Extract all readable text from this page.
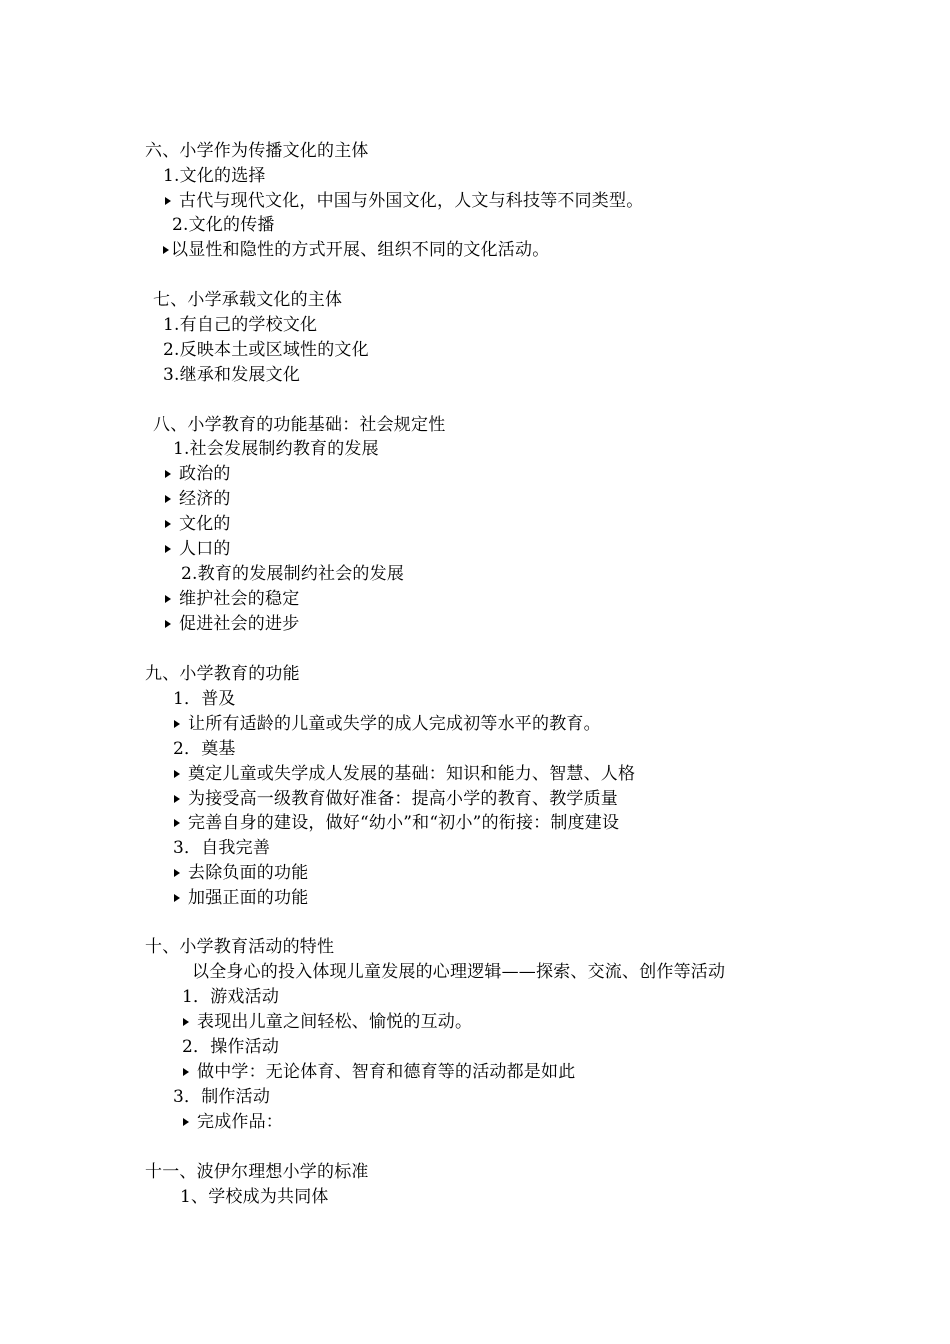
六、小学作为传播文化的主体
1.文化的选择
古代与现代文化，中国与外国文化，人文与科技等不同类型。
2.文化的传播
以显性和隐性的方式开展、组织不同的文化活动。
七、小学承载文化的主体
1.有自己的学校文化
2.反映本土或区域性的文化
3.继承和发展文化
八、小学教育的功能基础：社会规定性
1.社会发展制约教育的发展
政治的
经济的
文化的
人口的
2.教育的发展制约社会的发展
维护社会的稳定
促进社会的进步
九、小学教育的功能
1．普及
让所有适龄的儿童或失学的成人完成初等水平的教育。
2．奠基
奠定儿童或失学成人发展的基础：知识和能力、智慧、人格
为接受高一级教育做好准备：提高小学的教育、教学质量
完善自身的建设，做好“幼小”和“初小”的衔接：制度建设
3．自我完善
去除负面的功能
加强正面的功能
十、小学教育活动的特性
以全身心的投入体现儿童发展的心理逻辑——探索、交流、创作等活动
1．游戏活动
表现出儿童之间轻松、愉悦的互动。
2．操作活动
做中学：无论体育、智育和德育等的活动都是如此
3．制作活动
完成作品：
十一、波伊尔理想小学的标准
1、学校成为共同体
